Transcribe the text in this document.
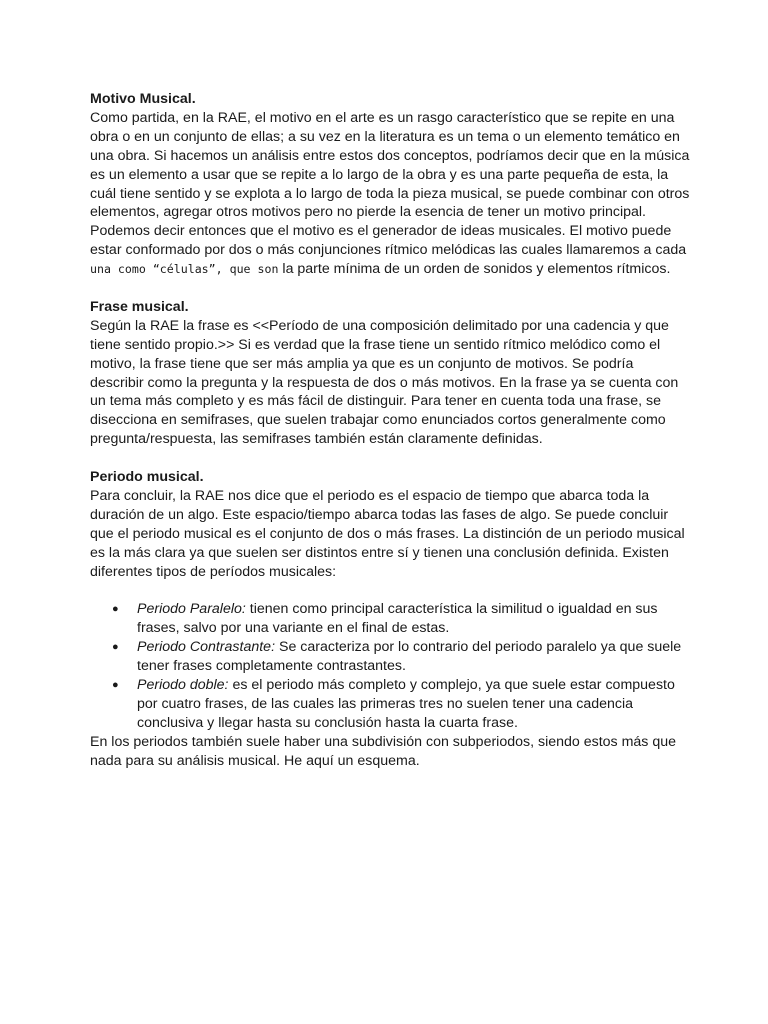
Motivo Musical.

Como partida, en la RAE, el motivo en el arte es un rasgo característico que se repite en una obra o en un conjunto de ellas; a su vez en la literatura es un tema o un elemento temático en una obra. Si hacemos un análisis entre estos dos conceptos, podríamos decir que en la música es un elemento a usar que se repite a lo largo de la obra y es una parte pequeña de esta, la cuál tiene sentido y se explota a lo largo de toda la pieza musical, se puede combinar con otros elementos, agregar otros motivos pero no pierde la esencia de tener un motivo principal. Podemos decir entonces que el motivo es el generador de ideas musicales. El motivo puede estar conformado por dos o más conjunciones rítmico melódicas las cuales llamaremos a cada una como “células”, que son la parte mínima de un orden de sonidos y elementos rítmicos.

Frase musical.

Según la RAE la frase es <<Período de una composición delimitado por una cadencia y que tiene sentido propio.>> Si es verdad que la frase tiene un sentido rítmico melódico como el motivo, la frase tiene que ser más amplia ya que es un conjunto de motivos. Se podría describir como la pregunta y la respuesta de dos o más motivos. En la frase ya se cuenta con un tema más completo y es más fácil de distinguir. Para tener en cuenta toda una frase, se disecciona en semifrases, que suelen trabajar como enunciados cortos generalmente como pregunta/respuesta, las semifrases también están claramente definidas.

Periodo musical.

Para concluir, la RAE nos dice que el periodo es el espacio de tiempo que abarca toda la duración de un algo. Este espacio/tiempo abarca todas las fases de algo. Se puede concluir que el periodo musical es el conjunto de dos o más frases. La distinción de un periodo musical es la más clara ya que suelen ser distintos entre sí y tienen una conclusión definida. Existen diferentes tipos de períodos musicales:

● Periodo Paralelo: tienen como principal característica la similitud o igualdad en sus frases, salvo por una variante en el final de estas.
● Periodo Contrastante: Se caracteriza por lo contrario del periodo paralelo ya que suele tener frases completamente contrastantes.
● Periodo doble: es el periodo más completo y complejo, ya que suele estar compuesto por cuatro frases, de las cuales las primeras tres no suelen tener una cadencia conclusiva y llegar hasta su conclusión hasta la cuarta frase.

En los periodos también suele haber una subdivisión con subperiodos, siendo estos más que nada para su análisis musical. He aquí un esquema.
